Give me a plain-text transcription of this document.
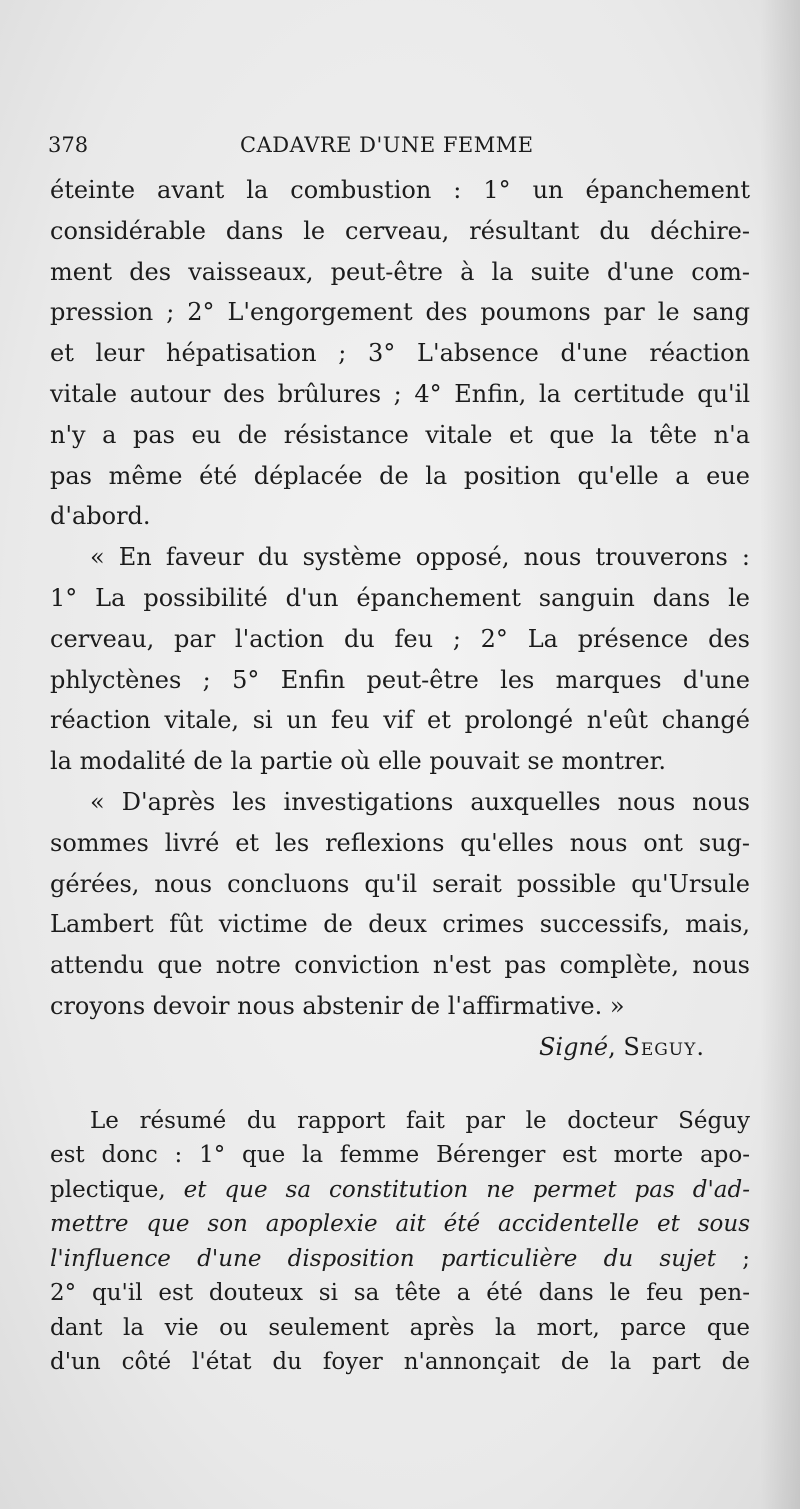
378	CADAVRE D'UNE FEMME
éteinte avant la combustion : 1° un épanchement
considérable dans le cerveau, résultant du déchire-
ment des vaisseaux, peut-être à la suite d'une com-
pression ; 2° L'engorgement des poumons par le sang
et leur hépatisation ; 3° L'absence d'une réaction
vitale autour des brûlures ; 4° Enfin, la certitude qu'il
n'y a pas eu de résistance vitale et que la tête n'a
pas même été déplacée de la position qu'elle a eue
d'abord.
« En faveur du système opposé, nous trouverons :
1° La possibilité d'un épanchement sanguin dans le
cerveau, par l'action du feu ; 2° La présence des
phlyctènes ; 5° Enfin peut-être les marques d'une
réaction vitale, si un feu vif et prolongé n'eût changé
la modalité de la partie où elle pouvait se montrer.
« D'après les investigations auxquelles nous nous
sommes livré et les reflexions qu'elles nous ont sug-
gérées, nous concluons qu'il serait possible qu'Ursule
Lambert fût victime de deux crimes successifs, mais,
attendu que notre conviction n'est pas complète, nous
croyons devoir nous abstenir de l'affirmative. »
Signé, Seguy.
Le résumé du rapport fait par le docteur Séguy
est donc : 1° que la femme Bérenger est morte apo-
plectique, et que sa constitution ne permet pas d'ad-
mettre que son apoplexie ait été accidentelle et sous
l'influence d'une disposition particulière du sujet ;
2° qu'il est douteux si sa tête a été dans le feu pen-
dant la vie ou seulement après la mort, parce que
d'un côté l'état du foyer n'annonçait de la part de
